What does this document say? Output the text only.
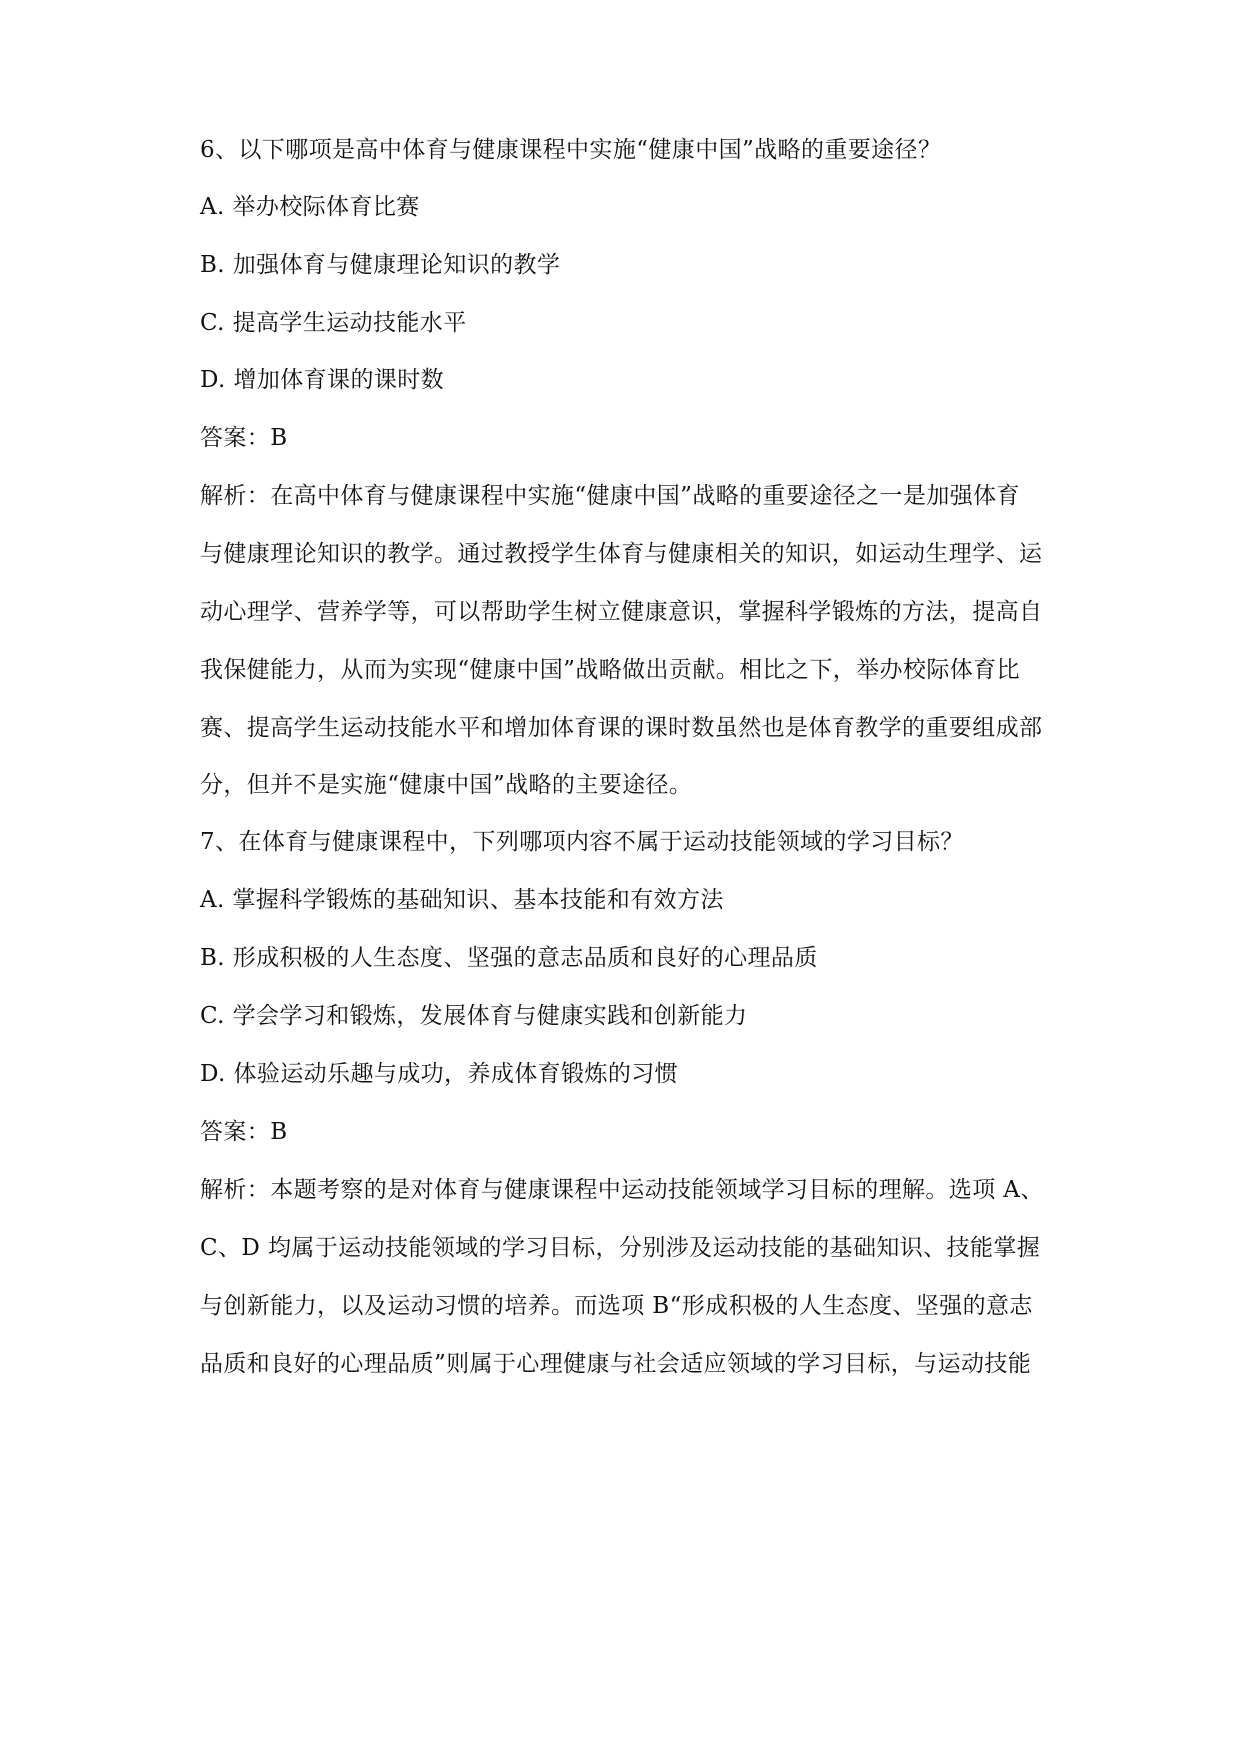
6、以下哪项是高中体育与健康课程中实施“健康中国”战略的重要途径？
A. 举办校际体育比赛
B. 加强体育与健康理论知识的教学
C. 提高学生运动技能水平
D. 增加体育课的课时数
答案：B
解析：在高中体育与健康课程中实施“健康中国”战略的重要途径之一是加强体育
与健康理论知识的教学。通过教授学生体育与健康相关的知识，如运动生理学、运
动心理学、营养学等，可以帮助学生树立健康意识，掌握科学锻炼的方法，提高自
我保健能力，从而为实现“健康中国”战略做出贡献。相比之下，举办校际体育比
赛、提高学生运动技能水平和增加体育课的课时数虽然也是体育教学的重要组成部
分，但并不是实施“健康中国”战略的主要途径。
7、在体育与健康课程中，下列哪项内容不属于运动技能领域的学习目标？
A. 掌握科学锻炼的基础知识、基本技能和有效方法
B. 形成积极的人生态度、坚强的意志品质和良好的心理品质
C. 学会学习和锻炼，发展体育与健康实践和创新能力
D. 体验运动乐趣与成功，养成体育锻炼的习惯
答案：B
解析：本题考察的是对体育与健康课程中运动技能领域学习目标的理解。选项 A、
C、D 均属于运动技能领域的学习目标，分别涉及运动技能的基础知识、技能掌握
与创新能力，以及运动习惯的培养。而选项 B“形成积极的人生态度、坚强的意志
品质和良好的心理品质”则属于心理健康与社会适应领域的学习目标，与运动技能
